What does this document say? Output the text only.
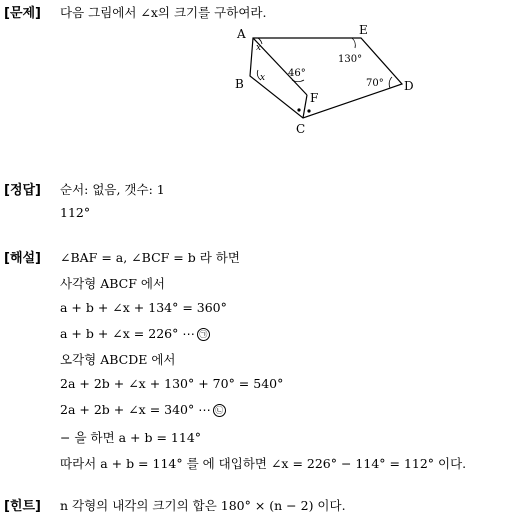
[문제] 다음 그림에서 ∠x의 크기를 구하여라.
A	E
D
C
B
F
x
46°
130°
70°
x
[정답] 순서: 없음, 갯수: 1
112°
[해설] ∠BAF = a, ∠BCF = b 라 하면
사각형 ABCF 에서
a + b + ∠x + 134° = 360°
a + b + ∠x = 226° ⋯ ㉠
오각형 ABCDE 에서
2a + 2b + ∠x + 130° + 70° = 540°
2a + 2b + ∠x = 340° ⋯ ㉡
− 을 하면 a + b = 114°
따라서 a + b = 114° 를 에 대입하면 ∠x = 226° − 114° = 112° 이다.
[힌트] n 각형의 내각의 크기의 합은 180° × (n − 2) 이다.
